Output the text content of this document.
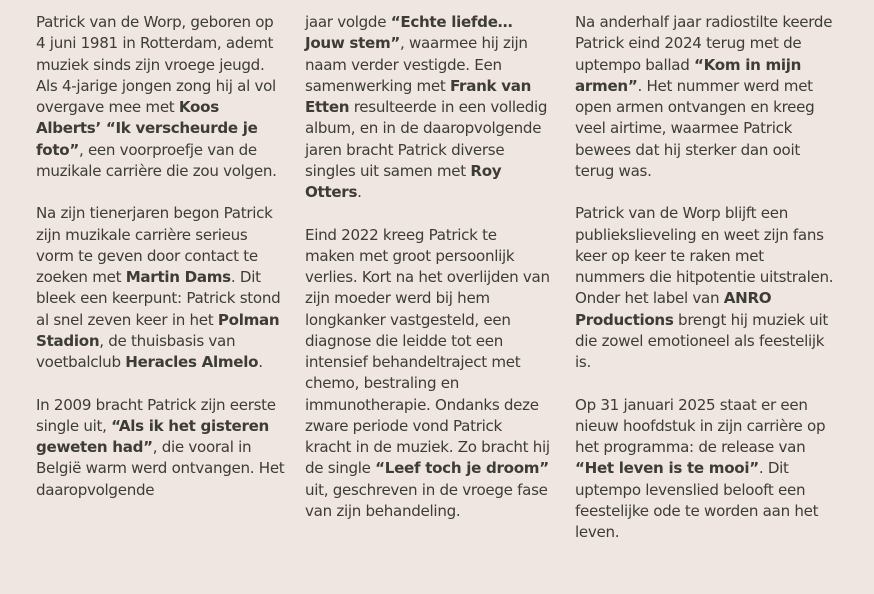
Patrick van de Worp, geboren op 4 juni 1981 in Rotterdam, ademt muziek sinds zijn vroege jeugd. Als 4-jarige jongen zong hij al vol overgave mee met Koos Alberts’ “Ik verscheurde je foto”, een voorproefje van de muzikale carrière die zou volgen.

Na zijn tienerjaren begon Patrick zijn muzikale carrière serieus vorm te geven door contact te zoeken met Martin Dams. Dit bleek een keerpunt: Patrick stond al snel zeven keer in het Polman Stadion, de thuisbasis van voetbalclub Heracles Almelo.

In 2009 bracht Patrick zijn eerste single uit, “Als ik het gisteren geweten had”, die vooral in België warm werd ontvangen. Het daaropvolgende

jaar volgde “Echte liefde… Jouw stem”, waarmee hij zijn naam verder vestigde. Een samenwerking met Frank van Etten resulteerde in een volledig album, en in de daaropvolgende jaren bracht Patrick diverse singles uit samen met Roy Otters.

Eind 2022 kreeg Patrick te maken met groot persoonlijk verlies. Kort na het overlijden van zijn moeder werd bij hem longkanker vastgesteld, een diagnose die leidde tot een intensief behandeltraject met chemo, bestraling en immunotherapie. Ondanks deze zware periode vond Patrick kracht in de muziek. Zo bracht hij de single “Leef toch je droom” uit, geschreven in de vroege fase van zijn behandeling.

Na anderhalf jaar radiostilte keerde Patrick eind 2024 terug met de uptempo ballad “Kom in mijn armen”. Het nummer werd met open armen ontvangen en kreeg veel airtime, waarmee Patrick bewees dat hij sterker dan ooit terug was.

Patrick van de Worp blijft een publiekslieveling en weet zijn fans keer op keer te raken met nummers die hitpotentie uitstralen. Onder het label van ANRO Productions brengt hij muziek uit die zowel emotioneel als feestelijk is.

Op 31 januari 2025 staat er een nieuw hoofdstuk in zijn carrière op het programma: de release van “Het leven is te mooi”. Dit uptempo levenslied belooft een feestelijke ode te worden aan het leven.
